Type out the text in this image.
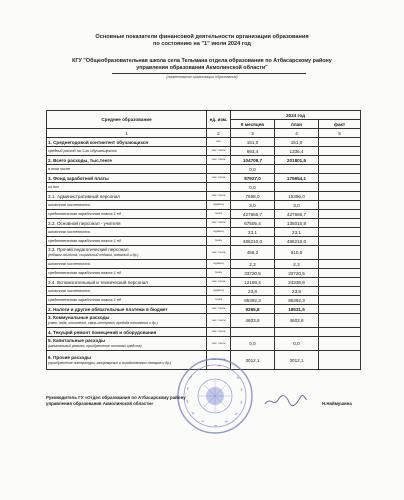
Основные показатели финансовой деятельности организации образования
по состоянию на "1" июля 2024 год
КГУ "Общеобразовательная школа села Тельмана отдела образования по Атбасарскому району
управления образования Акмолинской области"
(наименование организации образования)
Среднее образование	ед. изм.	2024 год		
		6 месяцев	план	факт
1	2	3	4	5
1. Среднегодовой контингент обучающихся	чел	151,0	151,0	
средний расход на 1-го обучающегося	тыс. тенге	693,4	1336,4	
2. Всего расходы, тыс.тенге	тыс. тенге	104708,7	201801,5	
в том числе		0,0		
3. Фонд заработной платы	тыс. тенге	87927,0	175654,1	
из них		0,0		
3.1. Административный персонал	тыс. тенге	7698,0	15396,0	
штатная численность	единиц	3,0	3,0	
среднемесячная заработная плата 1 ед	тенге	427666,7	427666,7	
3.2. Основной персонал - учителя	тыс. тенге	67505,4	135010,8	
штатная численность	единиц	23,1	23,1	
среднемесячная заработная плата 1 ед	тенге	486210,0	486210,0	
3.3. Прочий педагогический персонал
(педагог-психолог, социальный педагог, вожатый и др.)	тыс. тенге	455,2	910,5	
штатная численность	единиц	2,3	2,3	
среднемесячная заработная плата 1 ед	тенге	33720,5	33720,5	
3.4. Вспомогательный и технический персонал	тыс. тенге	12168,4	24336,8	
штатная численность	единиц	23,8	23,8	
среднемесячная заработная плата 1 ед	тенге	85392,3	85392,3	
2. Налоги и другие обязательные платежи в бюджет	тыс. тенге	9265,8	18531,5	
3. Коммунальные расходы
(свет, вода, отопление, связь интернет, вредода отопления и др.)	тыс. тенге	4603,8	4603,8	
4. Текущий ремонт помещений и оборудования	тыс. тенге			
5. Капитальные расходы
(капитальный ремонт, приобретение основных средств)	тыс. тенге	0,0	0,0	
6. Прочие расходы
(приобретение литературы, канцелярских и хозяйственных товаров и др.)	тыс. тенге	3012,1	3012,1	
Руководитель ГУ «Отдел образования по Атбасарскому району
управления образования Акмолинской области»	Н.Наймушина
